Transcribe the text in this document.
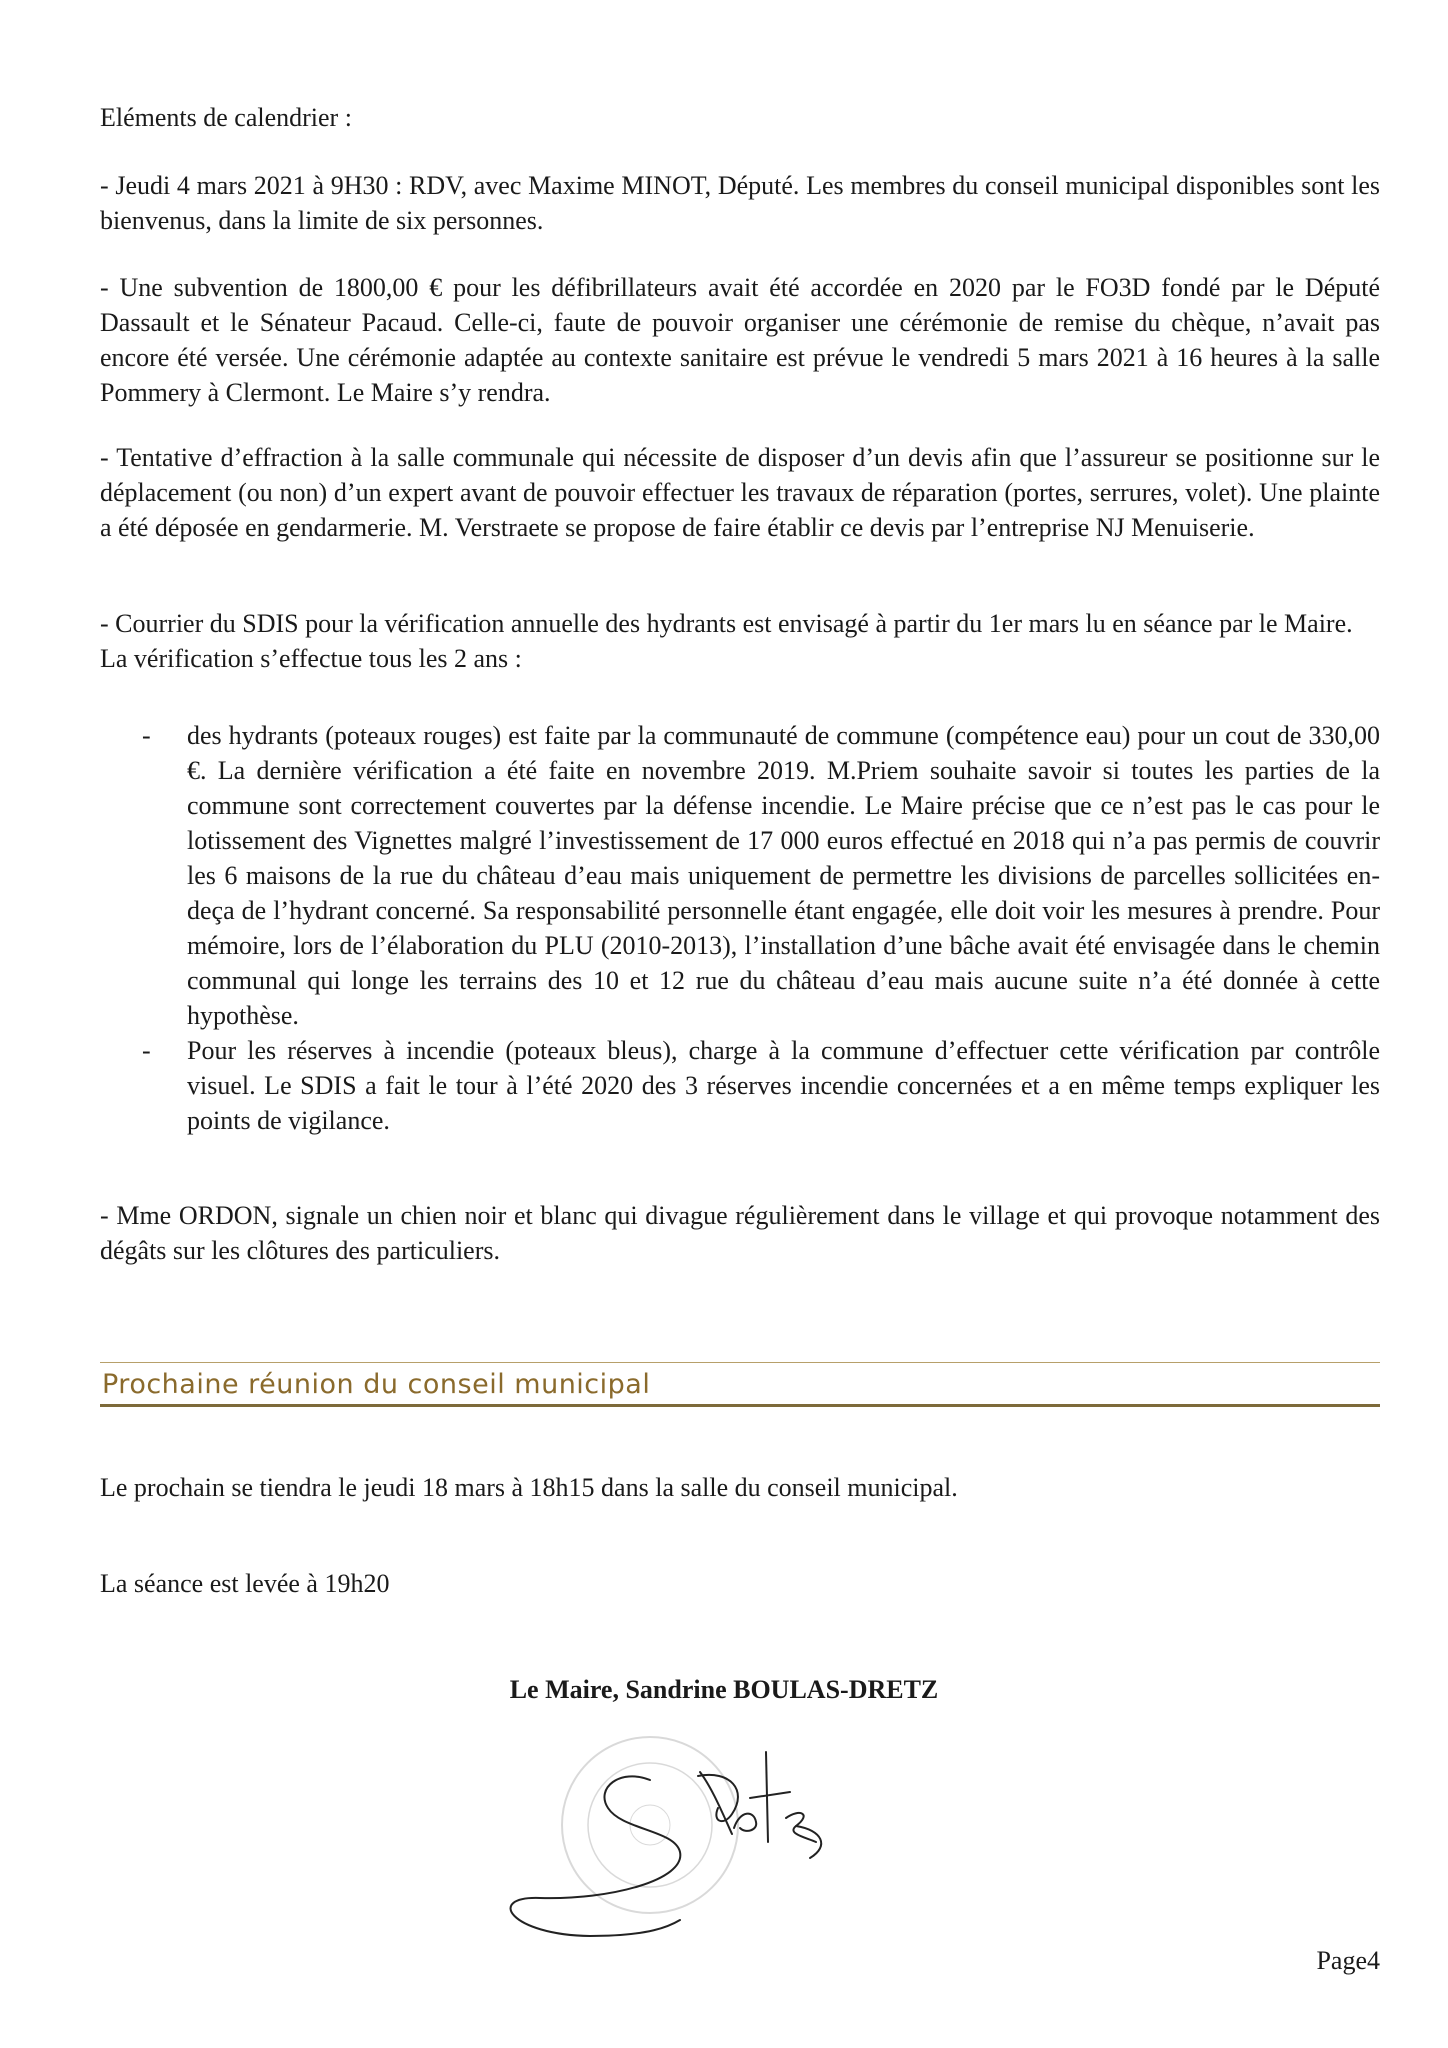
Eléments de calendrier :
- Jeudi 4 mars 2021 à 9H30 : RDV, avec Maxime MINOT, Député. Les membres du conseil municipal disponibles sont les bienvenus, dans la limite de six personnes.
- Une subvention de 1800,00 € pour les défibrillateurs avait été accordée en 2020 par le FO3D fondé par le Député Dassault et le Sénateur Pacaud. Celle-ci, faute de pouvoir organiser une cérémonie de remise du chèque, n’avait pas encore été versée. Une cérémonie adaptée au contexte sanitaire est prévue le vendredi 5 mars 2021 à 16 heures à la salle Pommery à Clermont. Le Maire s’y rendra.
- Tentative d’effraction à la salle communale qui nécessite de disposer d’un devis afin que l’assureur se positionne sur le déplacement (ou non) d’un expert avant de pouvoir effectuer les travaux de réparation (portes, serrures, volet). Une plainte a été déposée en gendarmerie. M. Verstraete se propose de faire établir ce devis par l’entreprise NJ Menuiserie.
- Courrier du SDIS pour la vérification annuelle des hydrants est envisagé à partir du 1er mars lu en séance par le Maire.
La vérification s’effectue tous les 2 ans :
- des hydrants (poteaux rouges) est faite par la communauté de commune (compétence eau) pour un cout de 330,00 €. La dernière vérification a été faite en novembre 2019. M.Priem souhaite savoir si toutes les parties de la commune sont correctement couvertes par la défense incendie. Le Maire précise que ce n’est pas le cas pour le lotissement des Vignettes malgré l’investissement de 17 000 euros effectué en 2018 qui n’a pas permis de couvrir les 6 maisons de la rue du château d’eau mais uniquement de permettre les divisions de parcelles sollicitées en-deça de l’hydrant concerné. Sa responsabilité personnelle étant engagée, elle doit voir les mesures à prendre. Pour mémoire, lors de l’élaboration du PLU (2010-2013), l’installation d’une bâche avait été envisagée dans le chemin communal qui longe les terrains des 10 et 12 rue du château d’eau mais aucune suite n’a été donnée à cette hypothèse.
- Pour les réserves à incendie (poteaux bleus), charge à la commune d’effectuer cette vérification par contrôle visuel. Le SDIS a fait le tour à l’été 2020 des 3 réserves incendie concernées et a en même temps expliquer les points de vigilance.
- Mme ORDON, signale un chien noir et blanc qui divague régulièrement dans le village et qui provoque notamment des dégâts sur les clôtures des particuliers.
Prochaine réunion du conseil municipal
Le prochain se tiendra le jeudi 18 mars à 18h15 dans la salle du conseil municipal.
La séance est levée à 19h20
Le Maire, Sandrine BOULAS-DRETZ
Page4
